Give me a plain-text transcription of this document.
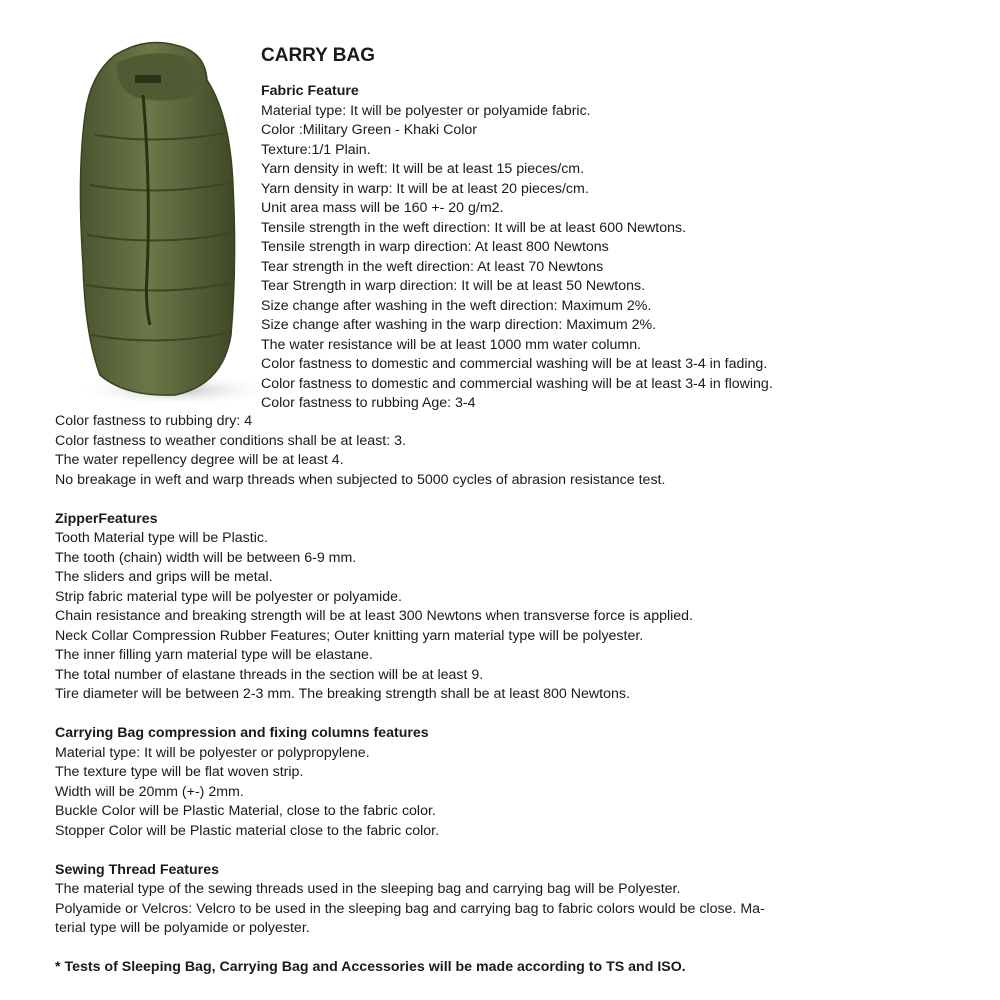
CARRY BAG

Fabric Feature

Material type: It will be polyester or polyamide fabric.

Color :Military Green - Khaki Color

Texture:1/1 Plain.

Yarn density in weft: It will be at least 15 pieces/cm.

Yarn density in warp: It will be at least 20 pieces/cm.

Unit area mass will be 160 +- 20 g/m2.

Tensile strength in the weft direction: It will be at least 600 Newtons.

Tensile strength in warp direction: At least 800 Newtons

Tear strength in the weft direction: At least 70 Newtons

Tear Strength in warp direction: It will be at least 50 Newtons.

Size change after washing in the weft direction: Maximum 2%.

Size change after washing in the warp direction: Maximum 2%.

The water resistance will be at least 1000 mm water column.

Color fastness to domestic and commercial washing will be at least 3-4 in fading.

Color fastness to domestic and commercial washing will be at least 3-4 in flowing.

Color fastness to rubbing Age: 3-4

Color fastness to rubbing dry: 4

Color fastness to weather conditions shall be at least: 3.

The water repellency degree will be at least 4.

No breakage in weft and warp threads when subjected to 5000 cycles of abrasion resistance test.

ZipperFeatures

Tooth Material type will be Plastic.

The tooth (chain) width will be between 6-9 mm.

The sliders and grips will be metal.

Strip fabric material type will be polyester or polyamide.

Chain resistance and breaking strength will be at least 300 Newtons when transverse force is applied.

Neck Collar Compression Rubber Features; Outer knitting yarn material type will be polyester.

The inner filling yarn material type will be elastane.

The total number of elastane threads in the section will be at least 9.

Tire diameter will be between 2-3 mm. The breaking strength shall be at least 800 Newtons.

Carrying Bag compression and fixing columns features

Material type: It will be polyester or polypropylene.

The texture type will be flat woven strip.

Width will be 20mm (+-) 2mm.

Buckle Color will be Plastic Material, close to the fabric color.

Stopper Color will be Plastic material close to the fabric color.

Sewing Thread Features

The material type of the sewing threads used in the sleeping bag and carrying bag will be Polyester.

Polyamide or Velcros: Velcro to be used in the sleeping bag and carrying bag to fabric colors would be close. Ma-

terial type will be polyamide or polyester.

* Tests of Sleeping Bag, Carrying Bag and Accessories will be made according to TS and ISO.
